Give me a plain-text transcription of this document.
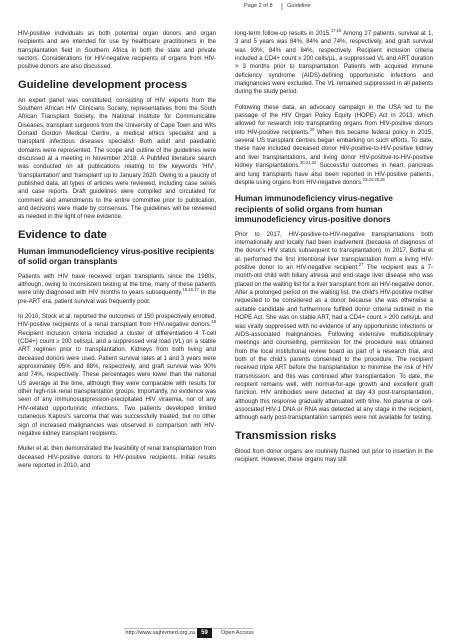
Page 2 of 8	Guideline

HIV-positive individuals as both potential organ donors and organ recipients and are intended for use by healthcare practitioners in the transplantation field in Southern Africa in both the state and private sectors. Considerations for HIV-negative recipients of organs from HIV-positive donors are also discussed.

Guideline development process

An expert panel was constituted, consisting of HIV experts from the Southern African HIV Clinicians Society, representatives from the South African Transplant Society, the National Institute for Communicable Diseases, transplant surgeons from the University of Cape Town and Wits Donald Gordon Medical Centre, a medical ethics specialist and a transplant infectious diseases specialist. Both adult and paediatric domains were represented. The scope and outline of the guidelines were discussed at a meeting in November 2018. A PubMed literature search was conducted on all publications relating to the keywords 'HIV', 'transplantation' and 'transplant' up to January 2020. Owing to a paucity of published data, all types of articles were reviewed, including case series and case reports. Draft guidelines were compiled and circulated for comment and amendments to the entire committee prior to publication, and decisions were made by consensus. The guidelines will be reviewed as needed in the light of new evidence.

Evidence to date
Human immunodeficiency virus-positive recipients of solid organ transplants

Patients with HIV have received organ transplants since the 1980s, although, owing to inconsistent testing at the time, many of these patients were only diagnosed with HIV months to years subsequently.$^{15,16,17}$ In the pre-ART era, patient survival was frequently poor.

In 2010, Stock et al. reported the outcomes of 150 prospectively enrolled, HIV-positive recipients of a renal transplant from HIV-negative donors.$^{18}$ Recipient inclusion criteria included a cluster of differentiation 4 T-cell (CD4+) count ≥ 200 cells/µL and a suppressed viral load (VL) on a stable ART regimen prior to transplantation. Kidneys from both living and deceased donors were used. Patient survival rates at 1 and 3 years were approximately 95% and 88%, respectively, and graft survival was 90% and 74%, respectively. These percentages were lower than the national US average at the time, although they were comparable with results for other high-risk renal transplantation groups. Importantly, no evidence was seen of any immunosuppression-precipitated HIV viraemia, nor of any HIV-related opportunistic infections. Two patients developed limited cutaneous Kaposi's sarcoma that was successfully treated, but no other sign of increased malignancies was observed in comparison with HIV-negative kidney transplant recipients.

Muller et al. then demonstrated the feasibility of renal transplantation from deceased HIV-positive donors to HIV-positive recipients. Initial results were reported in 2010, and

long-term follow-up results in 2015.$^{17,19}$ Among 27 patients, survival at 1, 3 and 5 years was 84%, 84% and 74%, respectively, and graft survival was 93%, 84% and 84%, respectively. Recipient inclusion criteria included a CD4+ count ≥ 200 cells/µL, a suppressed VL and ART duration > 3 months prior to transplantation. Patients with acquired immune deficiency syndrome (AIDS)-defining opportunistic infections and malignancies were excluded. The VL remained suppressed in all patients during the study period.

Following these data, an advocacy campaign in the USA led to the passage of the HIV Organ Policy Equity (HOPE) Act in 2013, which allowed for research into transplanting organs from HIV-positive donors into HIV-positive recipients.$^{20}$ When this became federal policy in 2015, several US transplant centres began embarking on such efforts. To date, these have included deceased donor HIV-positive-to-HIV-positive kidney and liver transplantations, and living donor HIV-positive-to-HIV-positive kidney transplantations.$^{20,21,22}$ Successful outcomes in heart, pancreas and lung transplants have also been reported in HIV-positive patients, despite using organs from HIV-negative donors.$^{23,24,25,26}$

Human immunodeficiency virus-negative recipients of solid organs from human immunodeficiency virus-positive donors

Prior to 2017, HIV-positive-to-HIV-negative transplantations both internationally and locally had been inadvertent (because of diagnosis of the donor's HIV status subsequent to transplantation). In 2017, Botha et al. performed the first intentional liver transplantation from a living HIV-positive donor to an HIV-negative recipient.$^{27}$ The recipient was a 7-month-old child with biliary atresia and end-stage liver disease who was placed on the waiting list for a liver transplant from an HIV-negative donor. After a prolonged period on the waiting list, the child's HIV-positive mother requested to be considered as a donor because she was otherwise a suitable candidate and furthermore fulfilled donor criteria outlined in the HOPE Act. She was on stable ART, had a CD4+ count > 200 cells/µL and was virally suppressed with no evidence of any opportunistic infections or AIDS-associated malignancies. Following extensive multidisciplinary meetings and counselling, permission for the procedure was obtained from the local institutional review board as part of a research trial, and both of the child's parents consented to the procedure. The recipient received triple ART before the transplantation to minimise the risk of HIV transmission, and this was continued after transplantation. To date, the recipient remains well, with normal-for-age growth and excellent graft function. HIV antibodies were detected at day 43 post-transplantation, although this response gradually attenuated with time. No plasma or cell-associated HIV-1 DNA or RNA was detected at any stage in the recipient, although early post-transplantation samples were not available for testing.

Transmission risks

Blood from donor organs are routinely flushed out prior to insertion in the recipient. However, these organs may still

http://www.sajhivmed.org.za	59	Open Access
